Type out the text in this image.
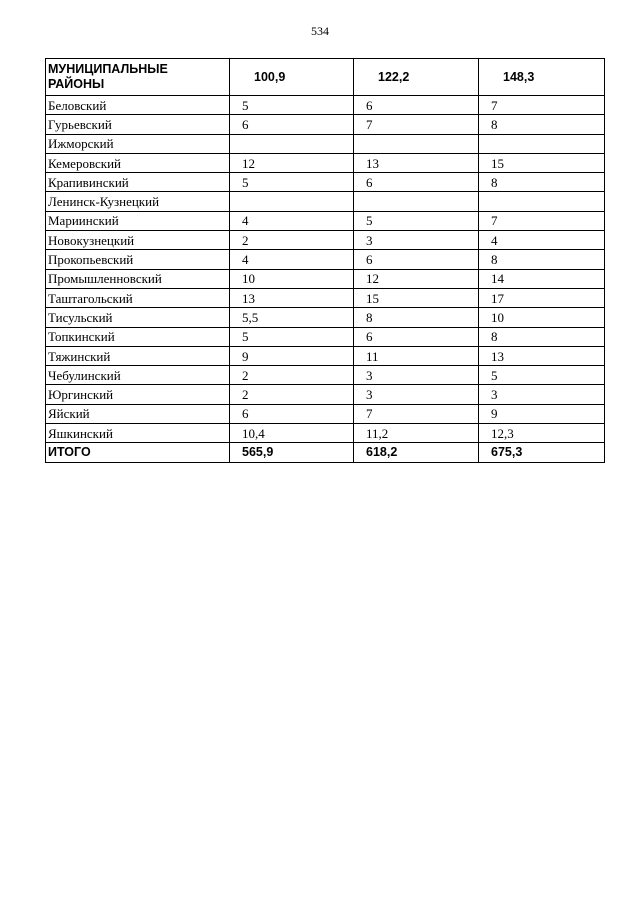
534
МУНИЦИПАЛЬНЫЕ РАЙОНЫ	100,9	122,2	148,3
Беловский	5	6	7
Гурьевский	6	7	8
Ижморский			
Кемеровский	12	13	15
Крапивинский	5	6	8
Ленинск-Кузнецкий			
Мариинский	4	5	7
Новокузнецкий	2	3	4
Прокопьевский	4	6	8
Промышленновский	10	12	14
Таштагольский	13	15	17
Тисульский	5,5	8	10
Топкинский	5	6	8
Тяжинский	9	11	13
Чебулинский	2	3	5
Юргинский	2	3	3
Яйский	6	7	9
Яшкинский	10,4	11,2	12,3
ИТОГО	565,9	618,2	675,3
